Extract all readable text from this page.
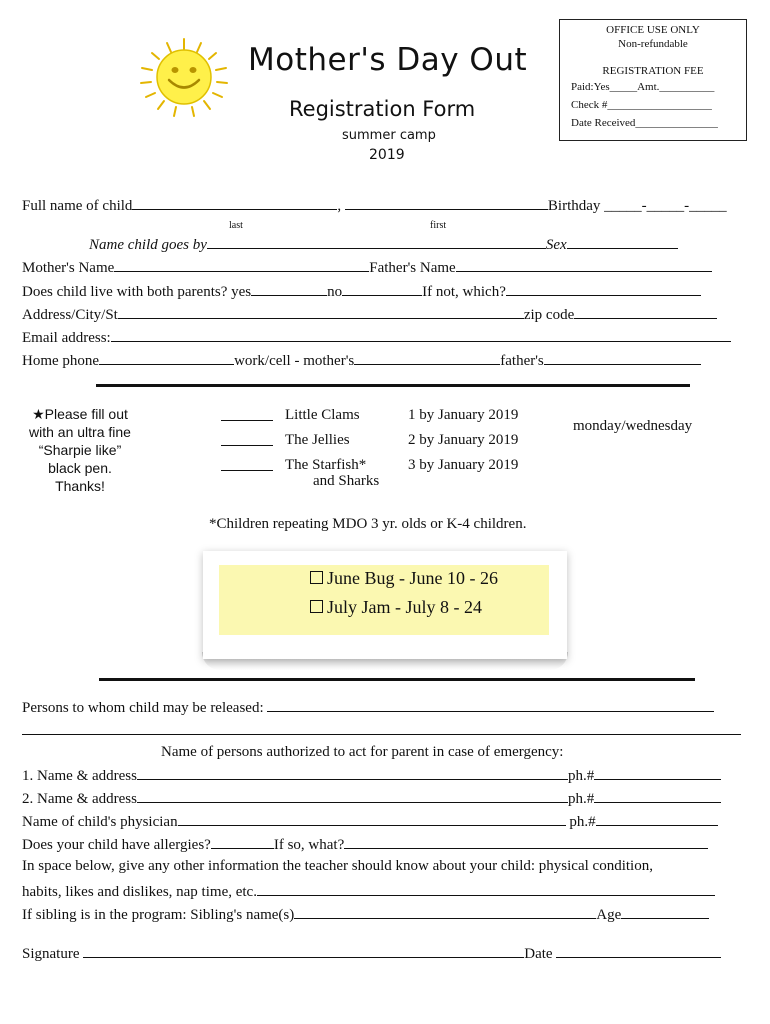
Mother's Day Out
Registration Form
summer camp
2019
OFFICE USE ONLY
Non-refundable
REGISTRATION FEE
Paid:Yes_____Amt.__________
Check #___________________
Date Received_______________
Full name of child	,	Birthday _____-_____-_____
last	first
Name child goes by	Sex
Mother's Name	Father's Name
Does child live with both parents? yes	no	If not, which?
Address/City/St	zip code
Email address:
Home phone	work/cell - mother's	father's
★Please fill out with an ultra fine “Sharpie like” black pen. Thanks!
Little Clams	1 by January 2019
The Jellies	2 by January 2019
The Starfish*
and Sharks
3 by January 2019
monday/wednesday
*Children repeating MDO 3 yr. olds or K-4 children.
June Bug - June 10 - 26
July Jam - July 8 - 24
Persons to whom child may be released:
Name of persons authorized to act for parent in case of emergency:
1. Name & address	ph.#
2. Name & address	ph.#
Name of child's physician	ph.#
Does your child have allergies?	If so, what?
In space below, give any other information the teacher should know about your child: physical condition,
habits, likes and dislikes, nap time, etc.
If sibling is in the program: Sibling's name(s)	Age
Signature	Date
